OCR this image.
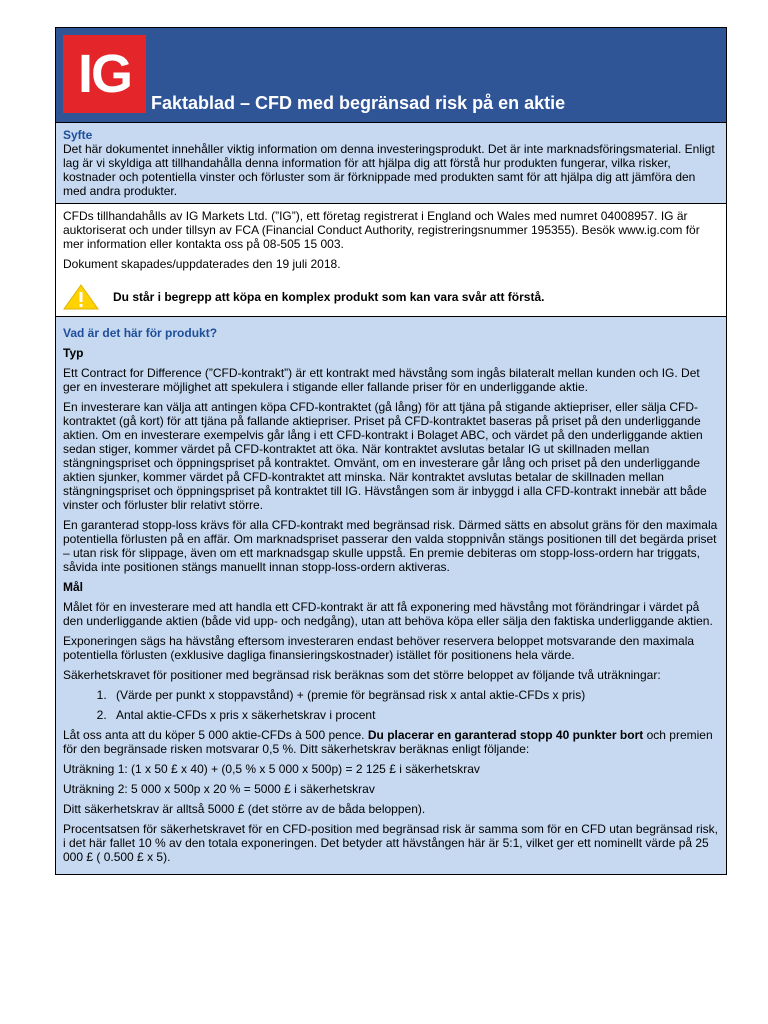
IG	Faktablad – CFD med begränsad risk på en aktie
Syfte
Det här dokumentet innehåller viktig information om denna investeringsprodukt. Det är inte marknadsföringsmaterial. Enligt lag är vi skyldiga att tillhandahålla denna information för att hjälpa dig att förstå hur produkten fungerar, vilka risker, kostnader och potentiella vinster och förluster som är förknippade med produkten samt för att hjälpa dig att jämföra den med andra produkter.

CFDs tillhandahålls av IG Markets Ltd. (”IG”), ett företag registrerat i England och Wales med numret 04008957. IG är auktoriserat och under tillsyn av FCA (Financial Conduct Authority, registreringsnummer 195355). Besök www.ig.com för mer information eller kontakta oss på 08-505 15 003.

Dokument skapades/uppdaterades den 19 juli 2018.

Du står i begrepp att köpa en komplex produkt som kan vara svår att förstå.
Vad är det här för produkt?
Typ

Ett Contract for Difference (”CFD-kontrakt”) är ett kontrakt med hävstång som ingås bilateralt mellan kunden och IG. Det ger en investerare möjlighet att spekulera i stigande eller fallande priser för en underliggande aktie.

En investerare kan välja att antingen köpa CFD-kontraktet (gå lång) för att tjäna på stigande aktiepriser, eller sälja CFD-kontraktet (gå kort) för att tjäna på fallande aktiepriser. Priset på CFD-kontraktet baseras på priset på den underliggande aktien. Om en investerare exempelvis går lång i ett CFD-kontrakt i Bolaget ABC, och värdet på den underliggande aktien sedan stiger, kommer värdet på CFD-kontraktet att öka. När kontraktet avslutas betalar IG ut skillnaden mellan stängningspriset och öppningspriset på kontraktet. Omvänt, om en investerare går lång och priset på den underliggande aktien sjunker, kommer värdet på CFD-kontraktet att minska. När kontraktet avslutas betalar de skillnaden mellan stängningspriset och öppningspriset på kontraktet till IG. Hävstången som är inbyggd i alla CFD-kontrakt innebär att både vinster och förluster blir relativt större.

En garanterad stopp-loss krävs för alla CFD-kontrakt med begränsad risk. Därmed sätts en absolut gräns för den maximala potentiella förlusten på en affär. Om marknadspriset passerar den valda stoppnivån stängs positionen till det begärda priset – utan risk för slippage, även om ett marknadsgap skulle uppstå. En premie debiteras om stopp-loss-ordern har triggats, såvida inte positionen stängs manuellt innan stopp-loss-ordern aktiveras.

Mål

Målet för en investerare med att handla ett CFD-kontrakt är att få exponering med hävstång mot förändringar i värdet på den underliggande aktien (både vid upp- och nedgång), utan att behöva köpa eller sälja den faktiska underliggande aktien.

Exponeringen sägs ha hävstång eftersom investeraren endast behöver reservera beloppet motsvarande den maximala potentiella förlusten (exklusive dagliga finansieringskostnader) istället för positionens hela värde.

Säkerhetskravet för positioner med begränsad risk beräknas som det större beloppet av följande två uträkningar:

1. (Värde per punkt x stoppavstånd) + (premie för begränsad risk x antal aktie-CFDs x pris)
2. Antal aktie-CFDs x pris x säkerhetskrav i procent

Låt oss anta att du köper 5 000 aktie-CFDs à 500 pence. Du placerar en garanterad stopp 40 punkter bort och premien för den begränsade risken motsvarar 0,5 %. Ditt säkerhetskrav beräknas enligt följande:

Uträkning 1: (1 x 50 £ x 40) + (0,5 % x 5 000 x 500p) = 2 125 £ i säkerhetskrav

Uträkning 2: 5 000 x 500p x 20 % = 5000 £ i säkerhetskrav

Ditt säkerhetskrav är alltså 5000 £ (det större av de båda beloppen).

Procentsatsen för säkerhetskravet för en CFD-position med begränsad risk är samma som för en CFD utan begränsad risk, i det här fallet 10 % av den totala exponeringen. Det betyder att hävstången här är 5:1, vilket ger ett nominellt värde på 25 000 £ ( 0.500 £ x 5).
